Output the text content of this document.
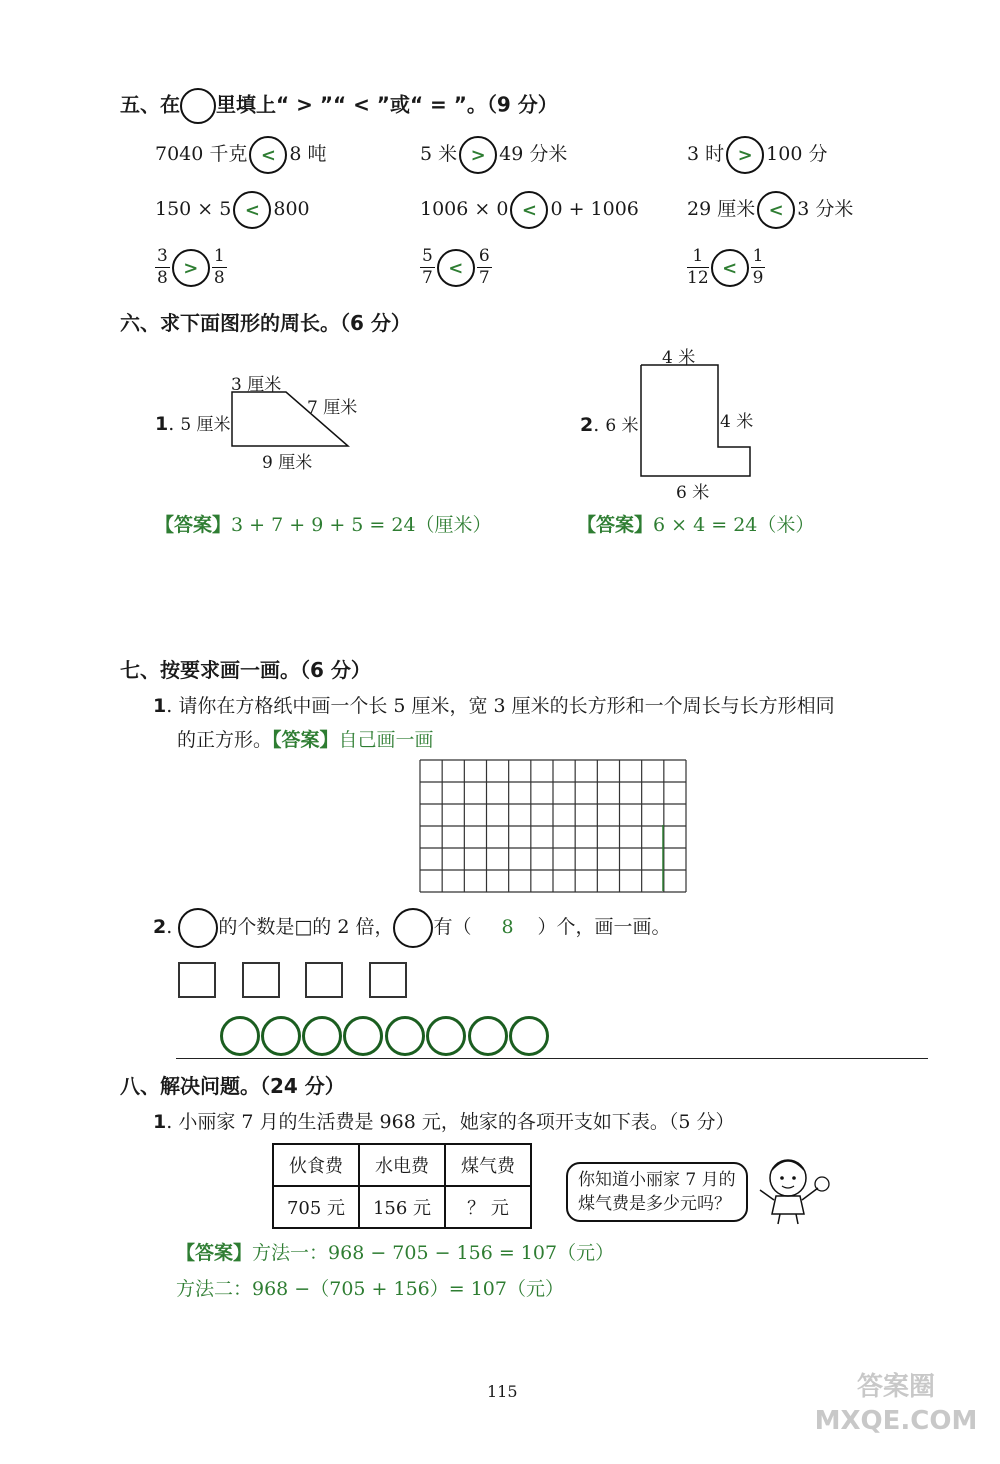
五、在 里填上“ > ”“ < ”或“ = ”。（9 分）
7040 千克 < 8 吨	5 米 > 49 分米	3 时 > 100 分
150 × 5 < 800	1006 × 0 < 0 + 1006	29 厘米 < 3 分米
$\frac{3}{8} > \frac{1}{8}$	$\frac{5}{7} < \frac{6}{7}$	$\frac{1}{12} < \frac{1}{9}$
六、求下面图形的周长。（6 分）
1. 5 厘米
3 厘米
7 厘米
9 厘米
2. 6 米
4 米
4 米
6 米
【答案】3 + 7 + 9 + 5 = 24（厘米）	【答案】6 × 4 = 24（米）
七、按要求画一画。（6 分）
1. 请你在方格纸中画一个长 5 厘米，宽 3 厘米的长方形和一个周长与长方形相同
的正方形。【答案】自己画一画
2. 的个数是□的 2 倍， 有（ 8 ）个，画一画。
八、解决问题。（24 分）
1. 小丽家 7 月的生活费是 968 元，她家的各项开支如下表。（5 分）
伙食费	水电费	煤气费
705 元	156 元	？ 元
你知道小丽家 7 月的
煤气费是多少元吗？
【答案】方法一：968 − 705 − 156 = 107（元）
方法二：968 −（705 + 156）= 107（元）
115	答案圈 MXQE.COM
